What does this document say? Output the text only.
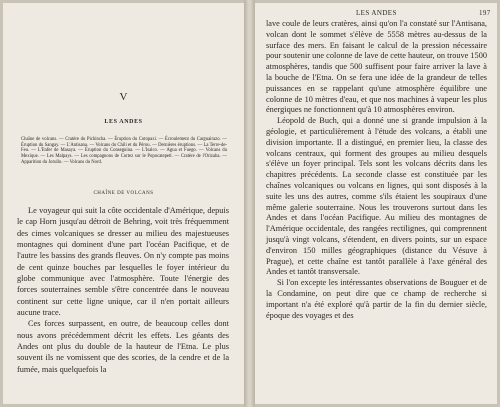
V
LES ANDES
Chaîne de volcans. — Cratère du Pichincha. — Éruption du Cotopaxi. — Écroulement du Carguairazo. — Éruption du Sangay. — L'Antisana. — Volcans du Chili et du Pérou. — Dernières éruptions. — La Terre-de-Feu. — L'Enfer de Masaya. — Éruption du Conseguina. — L'Isalco. — Agua et Fuego. — Volcans du Mexique. — Les Malpays. — Les compagnons de Cortez sur le Popocatepetl. — Cratère de l'Orizaba. — Apparition du Jorullo. — Volcans du Nord.
CHAÎNE DE VOLCANS

Le voyageur qui suit la côte occidentale d'Amérique, depuis le cap Horn jusqu'au détroit de Behring, voit très fréquemment des cimes volcaniques se dresser au milieu des majestueuses montagnes qui dominent d'une part l'océan Pacifique, et de l'autre les bassins des grands fleuves. On n'y compte pas moins de cent quinze bouches par lesquelles le foyer intérieur du globe communique avec l'atmosphère. Toute l'énergie des forces souterraines semble s'être concentrée dans le nouveau continent sur cette ligne unique, car il n'en portait ailleurs aucune trace.

Ces forces surpassent, en outre, de beaucoup celles dont nous avons précédemment décrit les effets. Les géants des Andes ont plus du double de la hauteur de l'Etna. Le plus souvent ils ne vomissent que des scories, de la cendre et de la fumée, mais quelquefois la

LES ANDES	197

lave coule de leurs cratères, ainsi qu'on l'a constaté sur l'Antisana, volcan dont le sommet s'élève de 5558 mètres au-dessus de la surface des mers. En faisant le calcul de la pression nécessaire pour soutenir une colonne de lave de cette hauteur, on trouve 1500 atmosphères, tandis que 500 suffisent pour faire arriver la lave à la bouche de l'Etna. On se fera une idée de la grandeur de telles puissances en se rappelant qu'une atmosphère équilibre une colonne de 10 mètres d'eau, et que nos machines à vapeur les plus énergiques ne fonctionnent qu'à 10 atmosphères environ.

Léopold de Buch, qui a donné une si grande impulsion à la géologie, et particulièrement à l'étude des volcans, a établi une division importante. Il a distingué, en premier lieu, la classe des volcans centraux, qui forment des groupes au milieu desquels s'élève un foyer principal. Tels sont les volcans décrits dans les chapitres précédents. La seconde classe est constituée par les chaînes volcaniques ou volcans en lignes, qui sont disposés à la suite les uns des autres, comme s'ils étaient les soupiraux d'une même galerie souterraine. Nous les trouverons surtout dans les Andes et dans l'océan Pacifique. Au milieu des montagnes de l'Amérique occidentale, des rangées rectilignes, qui comprennent jusqu'à vingt volcans, s'étendent, en divers points, sur un espace d'environ 150 milles géographiques (distance du Vésuve à Prague), et cette chaîne est tantôt parallèle à l'axe général des Andes et tantôt transversale.

Si l'on excepte les intéressantes observations de Bouguer et de la Condamine, on peut dire que ce champ de recherche si important n'a été exploré qu'à partir de la fin du dernier siècle, époque des voyages et des
